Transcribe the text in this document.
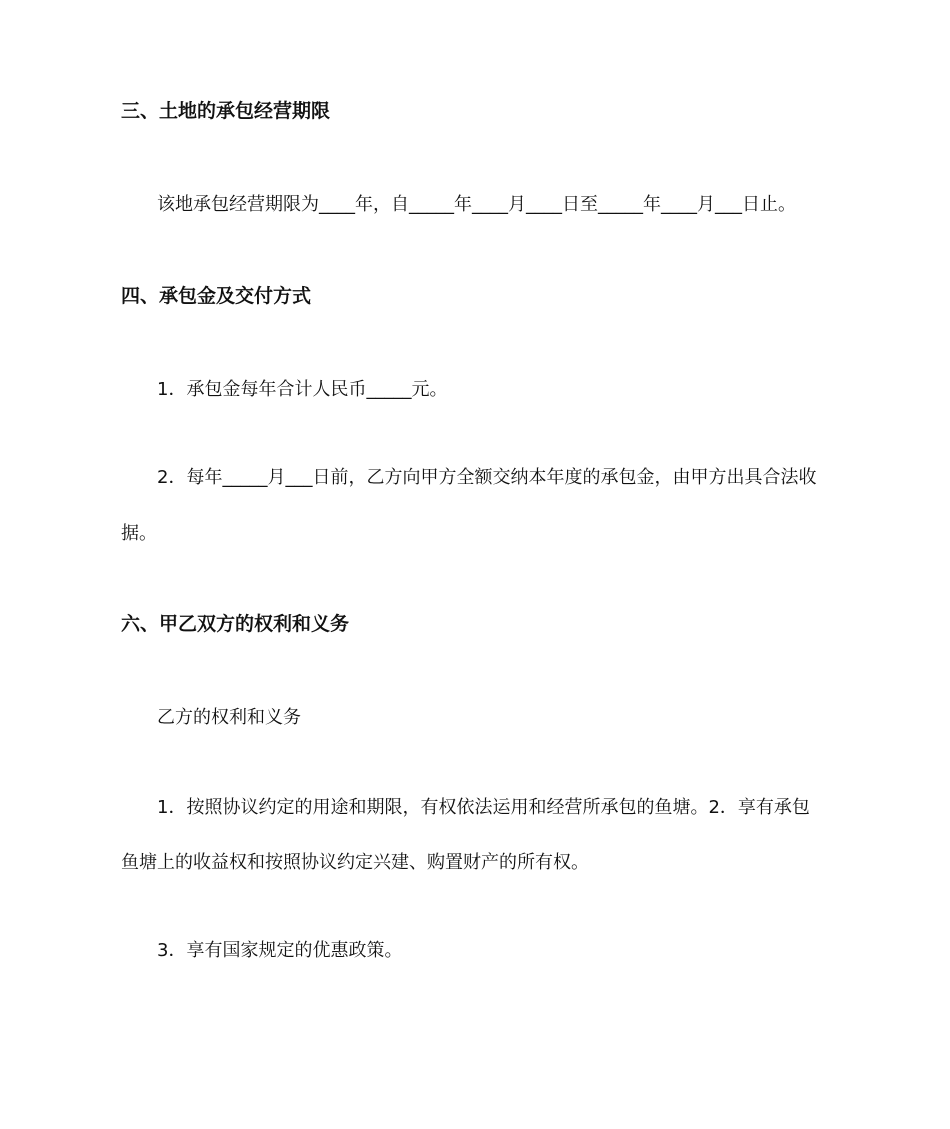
三、土地的承包经营期限
该地承包经营期限为____年，自_____年____月____日至_____年____月___日止。
四、承包金及交付方式
1．承包金每年合计人民币_____元。
2．每年_____月___日前，乙方向甲方全额交纳本年度的承包金，由甲方出具合法收
据。
六、甲乙双方的权利和义务
乙方的权利和义务
1．按照协议约定的用途和期限，有权依法运用和经营所承包的鱼塘。2．享有承包
鱼塘上的收益权和按照协议约定兴建、购置财产的所有权。
3．享有国家规定的优惠政策。
